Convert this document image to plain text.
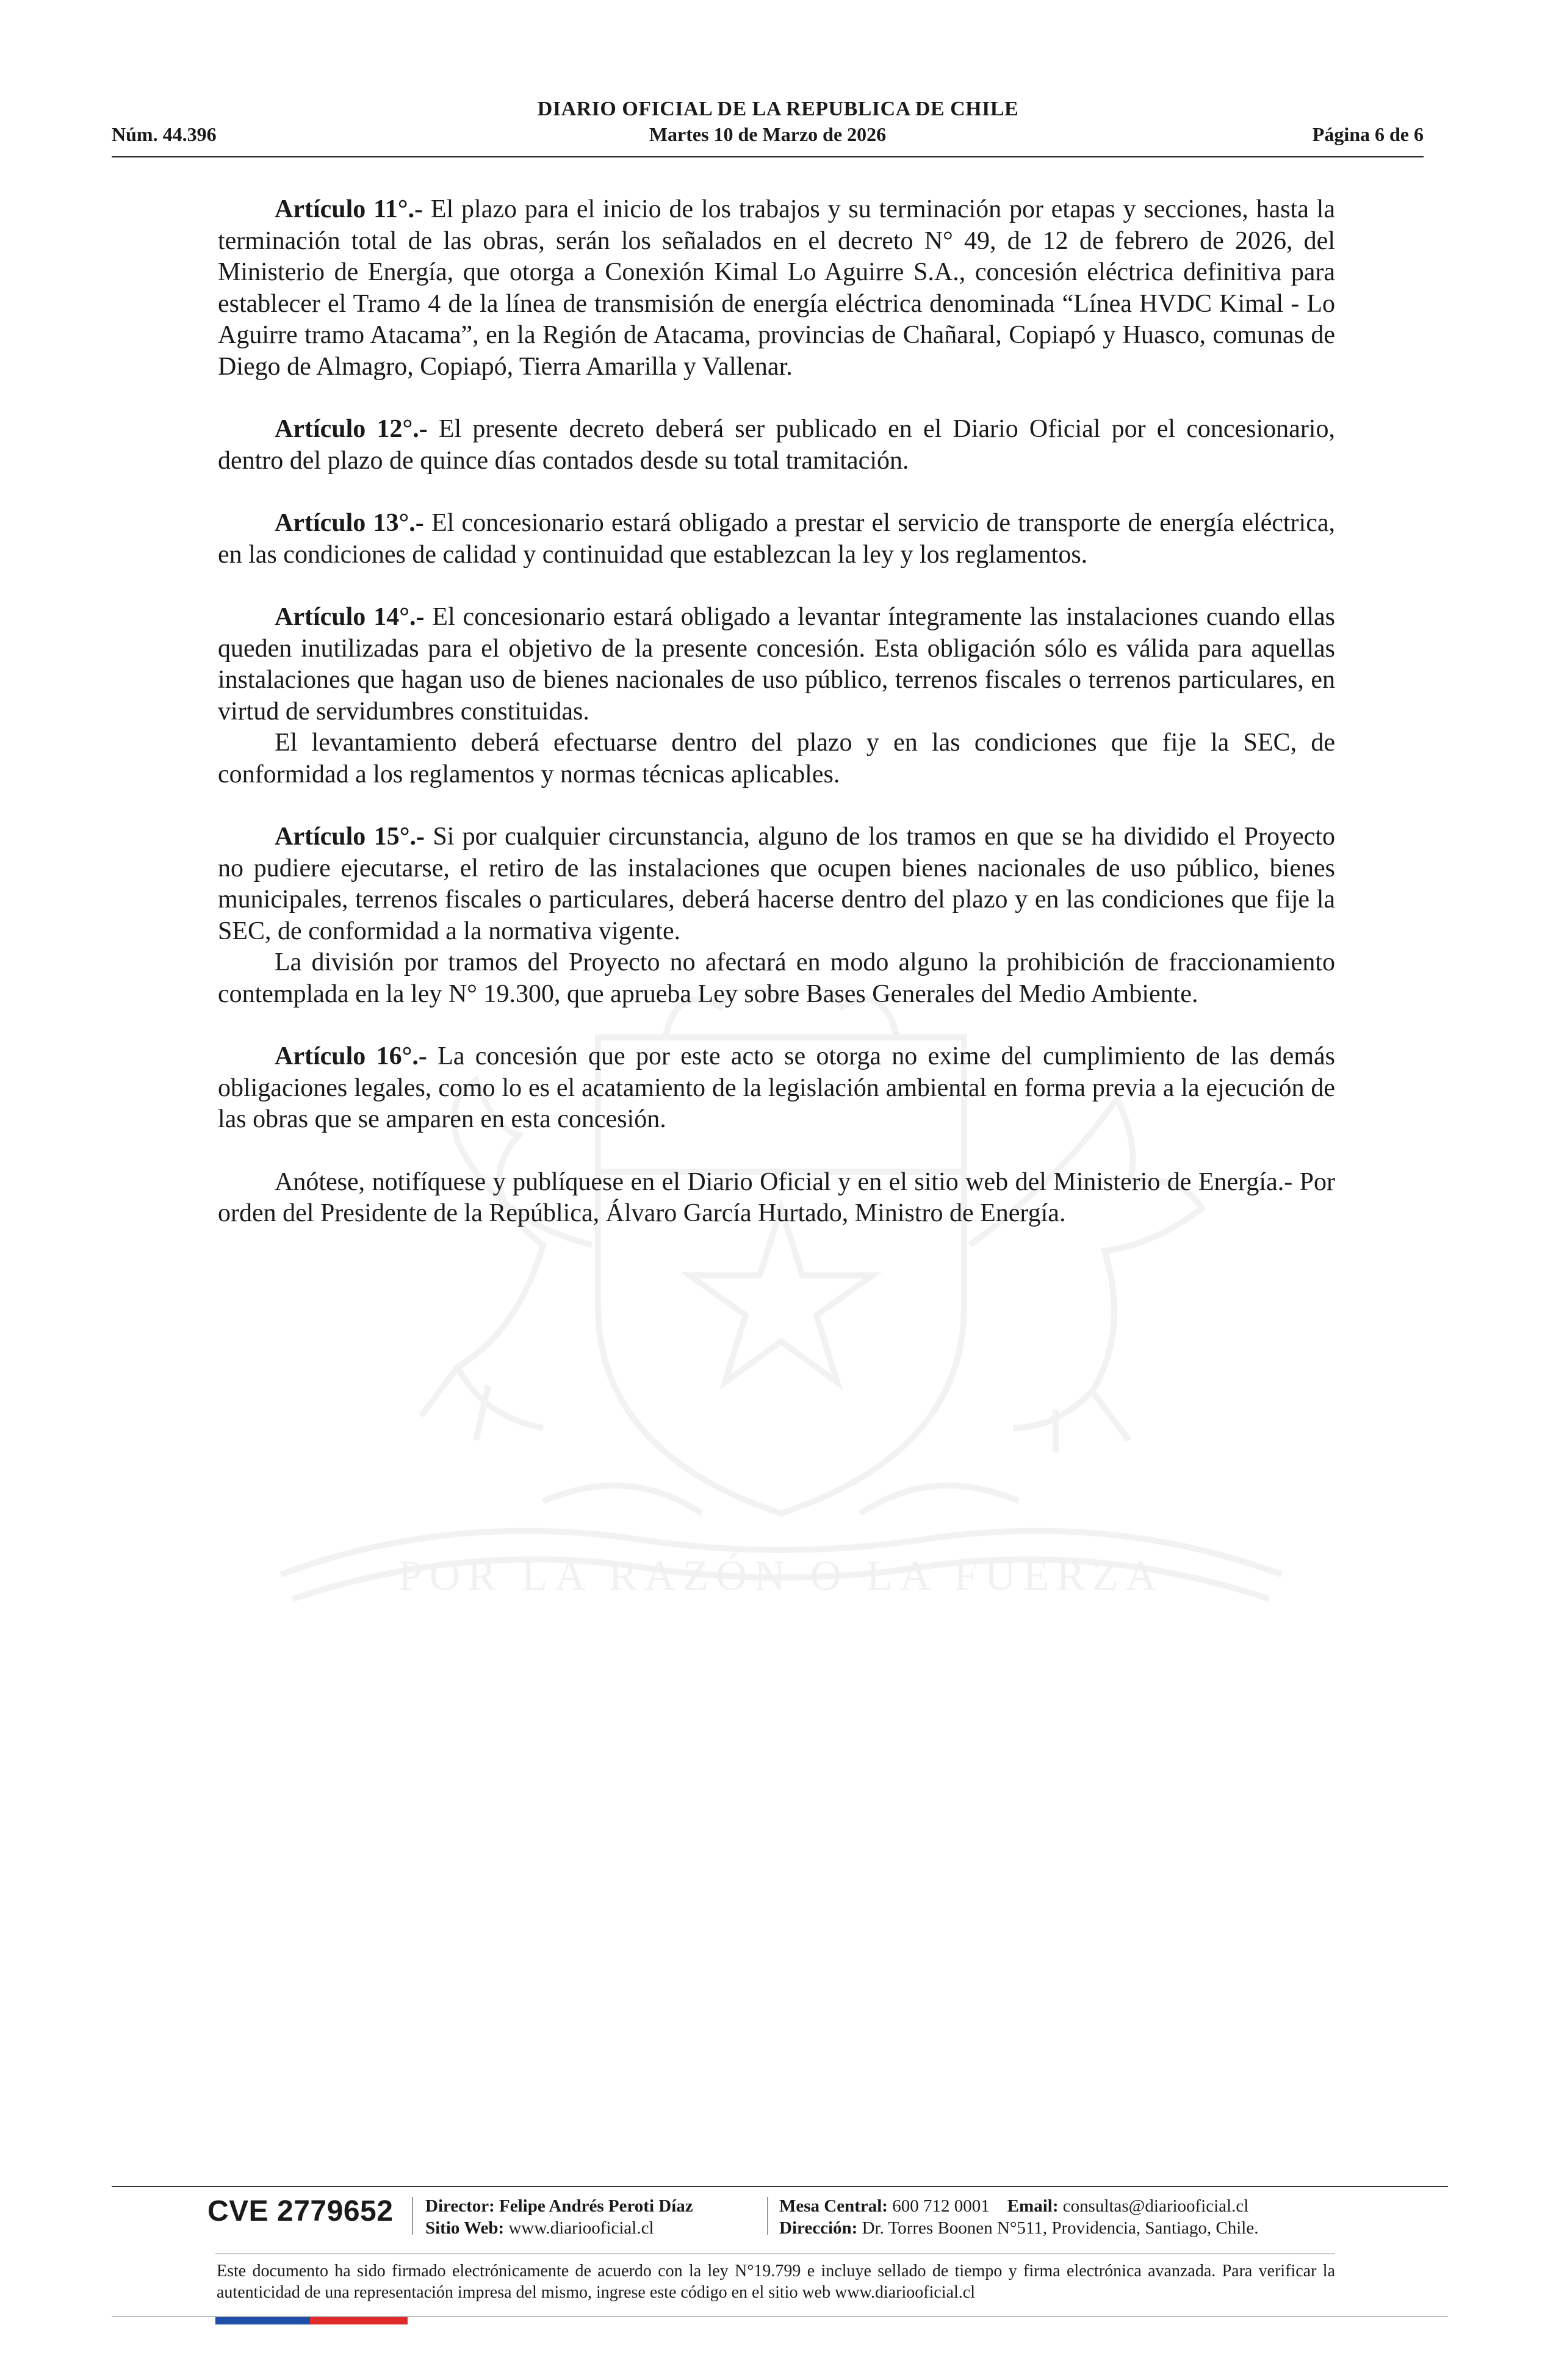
POR LA RAZÓN O LA FUERZA
DIARIO OFICIAL DE LA REPUBLICA DE CHILE
Núm. 44.396	Martes 10 de Marzo de 2026	Página 6 de 6

Artículo 11°.- El plazo para el inicio de los trabajos y su terminación por etapas y secciones, hasta la terminación total de las obras, serán los señalados en el decreto N° 49, de 12 de febrero de 2026, del Ministerio de Energía, que otorga a Conexión Kimal Lo Aguirre S.A., concesión eléctrica definitiva para establecer el Tramo 4 de la línea de transmisión de energía eléctrica denominada “Línea HVDC Kimal - Lo Aguirre tramo Atacama”, en la Región de Atacama, provincias de Chañaral, Copiapó y Huasco, comunas de Diego de Almagro, Copiapó, Tierra Amarilla y Vallenar.

Artículo 12°.- El presente decreto deberá ser publicado en el Diario Oficial por el concesionario, dentro del plazo de quince días contados desde su total tramitación.

Artículo 13°.- El concesionario estará obligado a prestar el servicio de transporte de energía eléctrica, en las condiciones de calidad y continuidad que establezcan la ley y los reglamentos.

Artículo 14°.- El concesionario estará obligado a levantar íntegramente las instalaciones cuando ellas queden inutilizadas para el objetivo de la presente concesión. Esta obligación sólo es válida para aquellas instalaciones que hagan uso de bienes nacionales de uso público, terrenos fiscales o terrenos particulares, en virtud de servidumbres constituidas.

El levantamiento deberá efectuarse dentro del plazo y en las condiciones que fije la SEC, de conformidad a los reglamentos y normas técnicas aplicables.

Artículo 15°.- Si por cualquier circunstancia, alguno de los tramos en que se ha dividido el Proyecto no pudiere ejecutarse, el retiro de las instalaciones que ocupen bienes nacionales de uso público, bienes municipales, terrenos fiscales o particulares, deberá hacerse dentro del plazo y en las condiciones que fije la SEC, de conformidad a la normativa vigente.

La división por tramos del Proyecto no afectará en modo alguno la prohibición de fraccionamiento contemplada en la ley N° 19.300, que aprueba Ley sobre Bases Generales del Medio Ambiente.

Artículo 16°.- La concesión que por este acto se otorga no exime del cumplimiento de las demás obligaciones legales, como lo es el acatamiento de la legislación ambiental en forma previa a la ejecución de las obras que se amparen en esta concesión.

Anótese, notifíquese y publíquese en el Diario Oficial y en el sitio web del Ministerio de Energía.- Por orden del Presidente de la República, Álvaro García Hurtado, Ministro de Energía.

CVE 2779652 Director: Felipe Andrés Peroti Díaz
Sitio Web: www.diariooficial.cl
Mesa Central: 600 712 0001 Email: consultas@diariooficial.cl
Dirección: Dr. Torres Boonen N°511, Providencia, Santiago, Chile.
Este documento ha sido firmado electrónicamente de acuerdo con la ley N°19.799 e incluye sellado de tiempo y firma electrónica avanzada. Para verificar la autenticidad de una representación impresa del mismo, ingrese este código en el sitio web www.diariooficial.cl
